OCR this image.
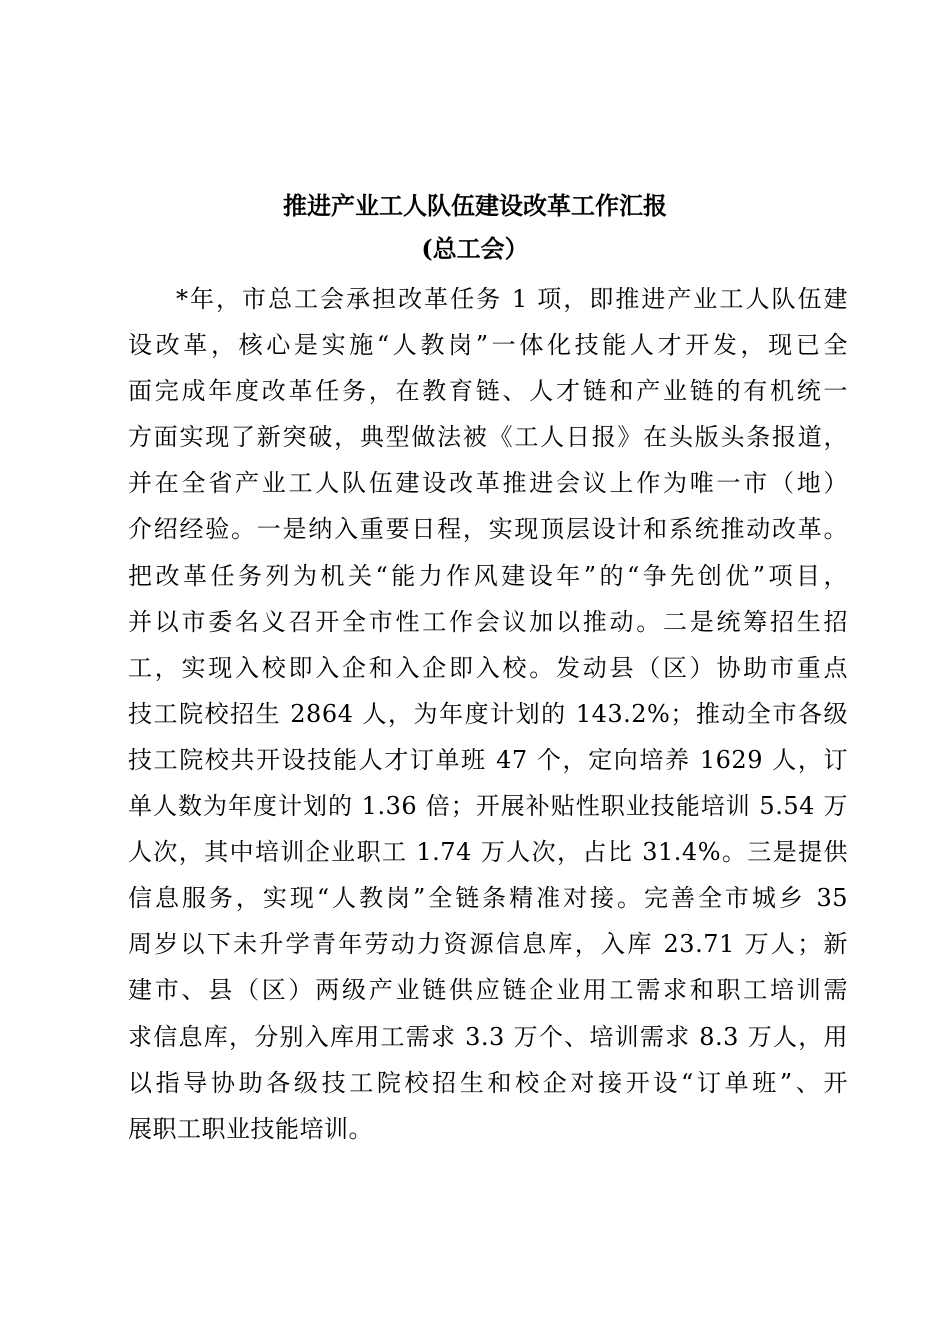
推进产业工人队伍建设改革工作汇报
(总工会）
*年，市总工会承担改革任务 1 项，即推进产业工人队伍建
设改革，核心是实施“人教岗”一体化技能人才开发，现已全
面完成年度改革任务，在教育链、人才链和产业链的有机统一
方面实现了新突破，典型做法被《工人日报》在头版头条报道，
并在全省产业工人队伍建设改革推进会议上作为唯一市（地）
介绍经验。一是纳入重要日程，实现顶层设计和系统推动改革。
把改革任务列为机关“能力作风建设年”的“争先创优”项目，
并以市委名义召开全市性工作会议加以推动。二是统筹招生招
工，实现入校即入企和入企即入校。发动县（区）协助市重点
技工院校招生 2864 人，为年度计划的 143.2%；推动全市各级
技工院校共开设技能人才订单班 47 个，定向培养 1629 人，订
单人数为年度计划的 1.36 倍；开展补贴性职业技能培训 5.54 万
人次，其中培训企业职工 1.74 万人次，占比 31.4%。三是提供
信息服务，实现“人教岗”全链条精准对接。完善全市城乡 35
周岁以下未升学青年劳动力资源信息库，入库 23.71 万人；新
建市、县（区）两级产业链供应链企业用工需求和职工培训需
求信息库，分别入库用工需求 3.3 万个、培训需求 8.3 万人，用
以指导协助各级技工院校招生和校企对接开设“订单班”、开
展职工职业技能培训。
